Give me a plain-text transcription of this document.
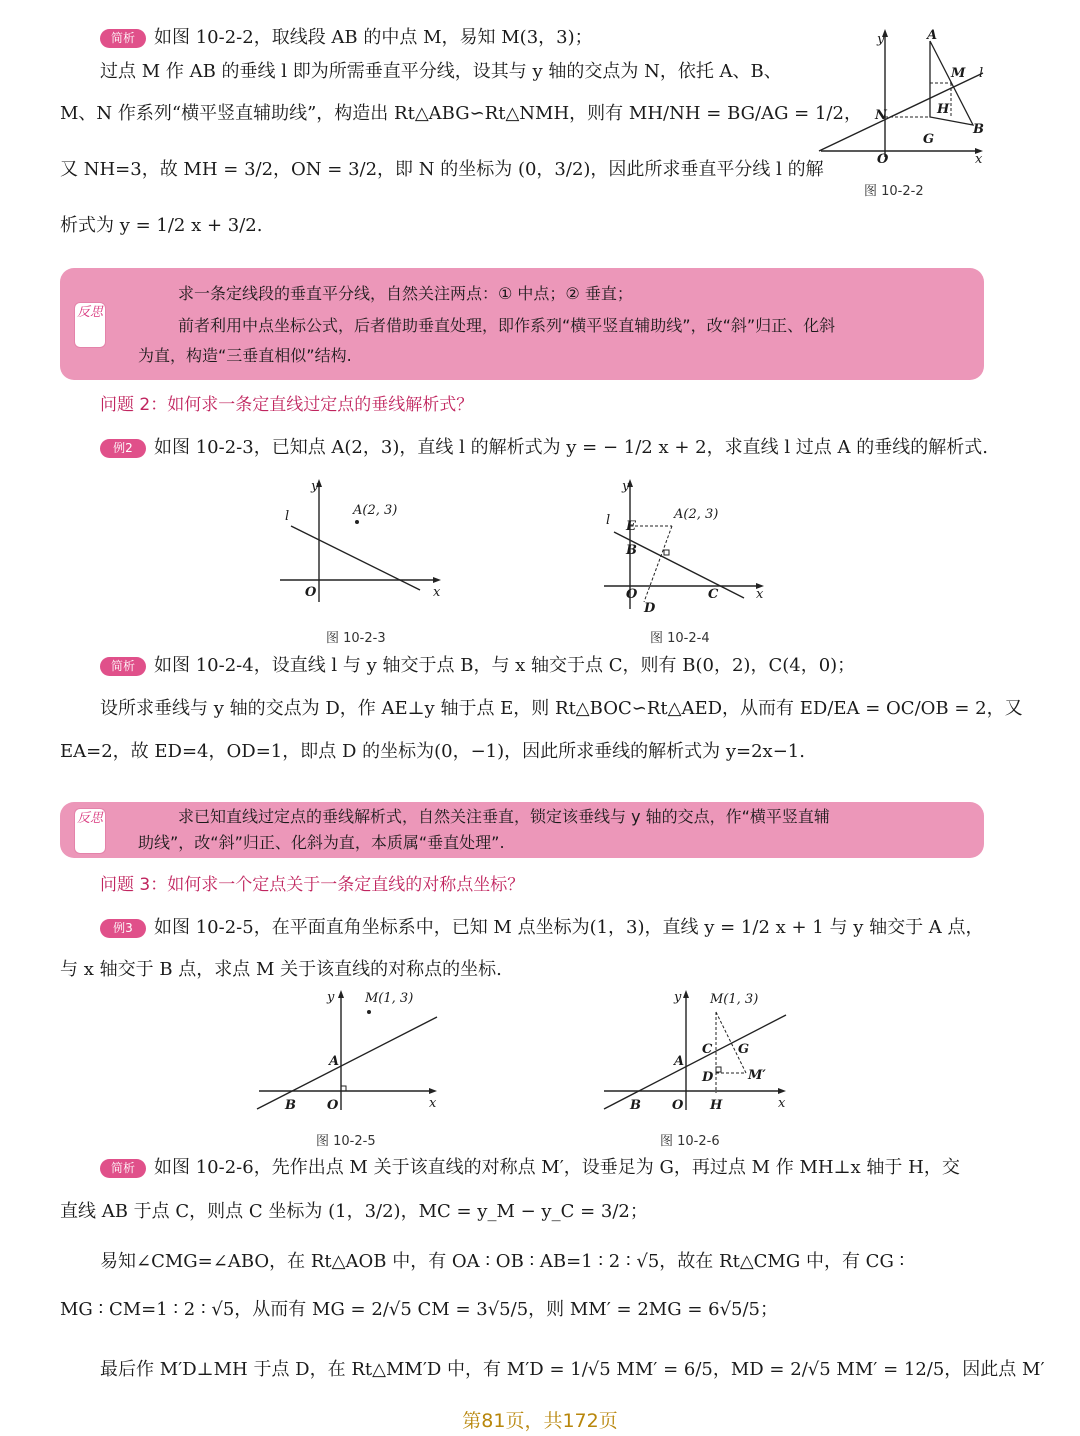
简析 如图 10-2-2，取线段 AB 的中点 M，易知 M(3，3)；
过点 M 作 AB 的垂线 l 即为所需垂直平分线，设其与 y 轴的交点为 N，依托 A、B、
M、N 作系列“横平竖直辅助线”，构造出 Rt△ABG∽Rt△NMH，则有 MH/NH = BG/AG = 1/2，
又 NH=3，故 MH = 3/2，ON = 3/2，即 N 的坐标为 (0，3/2)，因此所求垂直平分线 l 的解
析式为 y = 1/2 x + 3/2.
y	A
M l
N	H
G
B
O	x
图 10-2-2
反思
求一条定线段的垂直平分线，自然关注两点：① 中点；② 垂直；
前者利用中点坐标公式，后者借助垂直处理，即作系列“横平竖直辅助线”，改“斜”归正、化斜
为直，构造“三垂直相似”结构.
问题 2：如何求一条定直线过定点的垂线解析式？
例2 如图 10-2-3，已知点 A(2，3)，直线 l 的解析式为 y = − 1/2 x + 2，求直线 l 过点 A 的垂线的解析式.
y
l	A(2, 3)
O	x
图 10-2-3
y
l E
A(2, 3)
B
O
D
C	x
图 10-2-4
简析 如图 10-2-4，设直线 l 与 y 轴交于点 B，与 x 轴交于点 C，则有 B(0，2)，C(4，0)；
设所求垂线与 y 轴的交点为 D，作 AE⊥y 轴于点 E，则 Rt△BOC∽Rt△AED，从而有 ED/EA = OC/OB = 2，又
EA=2，故 ED=4，OD=1，即点 D 的坐标为(0，−1)，因此所求垂线的解析式为 y=2x−1.
反思	求已知直线过定点的垂线解析式，自然关注垂直，锁定该垂线与 y 轴的交点，作“横平竖直辅
助线”，改“斜”归正、化斜为直，本质属“垂直处理”.
问题 3：如何求一个定点关于一条定直线的对称点坐标？
例3 如图 10-2-5，在平面直角坐标系中，已知 M 点坐标为(1，3)，直线 y = 1/2 x + 1 与 y 轴交于 A 点，
与 x 轴交于 B 点，求点 M 关于该直线的对称点的坐标.
y M(1, 3)
A
B O	x
图 10-2-5
y M(1, 3)
C G
A
D	M′
B O H	x
图 10-2-6
简析 如图 10-2-6，先作出点 M 关于该直线的对称点 M′，设垂足为 G，再过点 M 作 MH⊥x 轴于 H，交
直线 AB 于点 C，则点 C 坐标为 (1，3/2)，MC = y_M − y_C = 3/2；
易知∠CMG=∠ABO，在 Rt△AOB 中，有 OA ∶ OB ∶ AB=1 ∶ 2 ∶ √5，故在 Rt△CMG 中，有 CG ∶
MG ∶ CM=1 ∶ 2 ∶ √5，从而有 MG = 2/√5 CM = 3√5/5，则 MM′ = 2MG = 6√5/5；
最后作 M′D⊥MH 于点 D，在 Rt△MM′D 中，有 M′D = 1/√5 MM′ = 6/5，MD = 2/√5 MM′ = 12/5，因此点 M′
第81页，共172页
